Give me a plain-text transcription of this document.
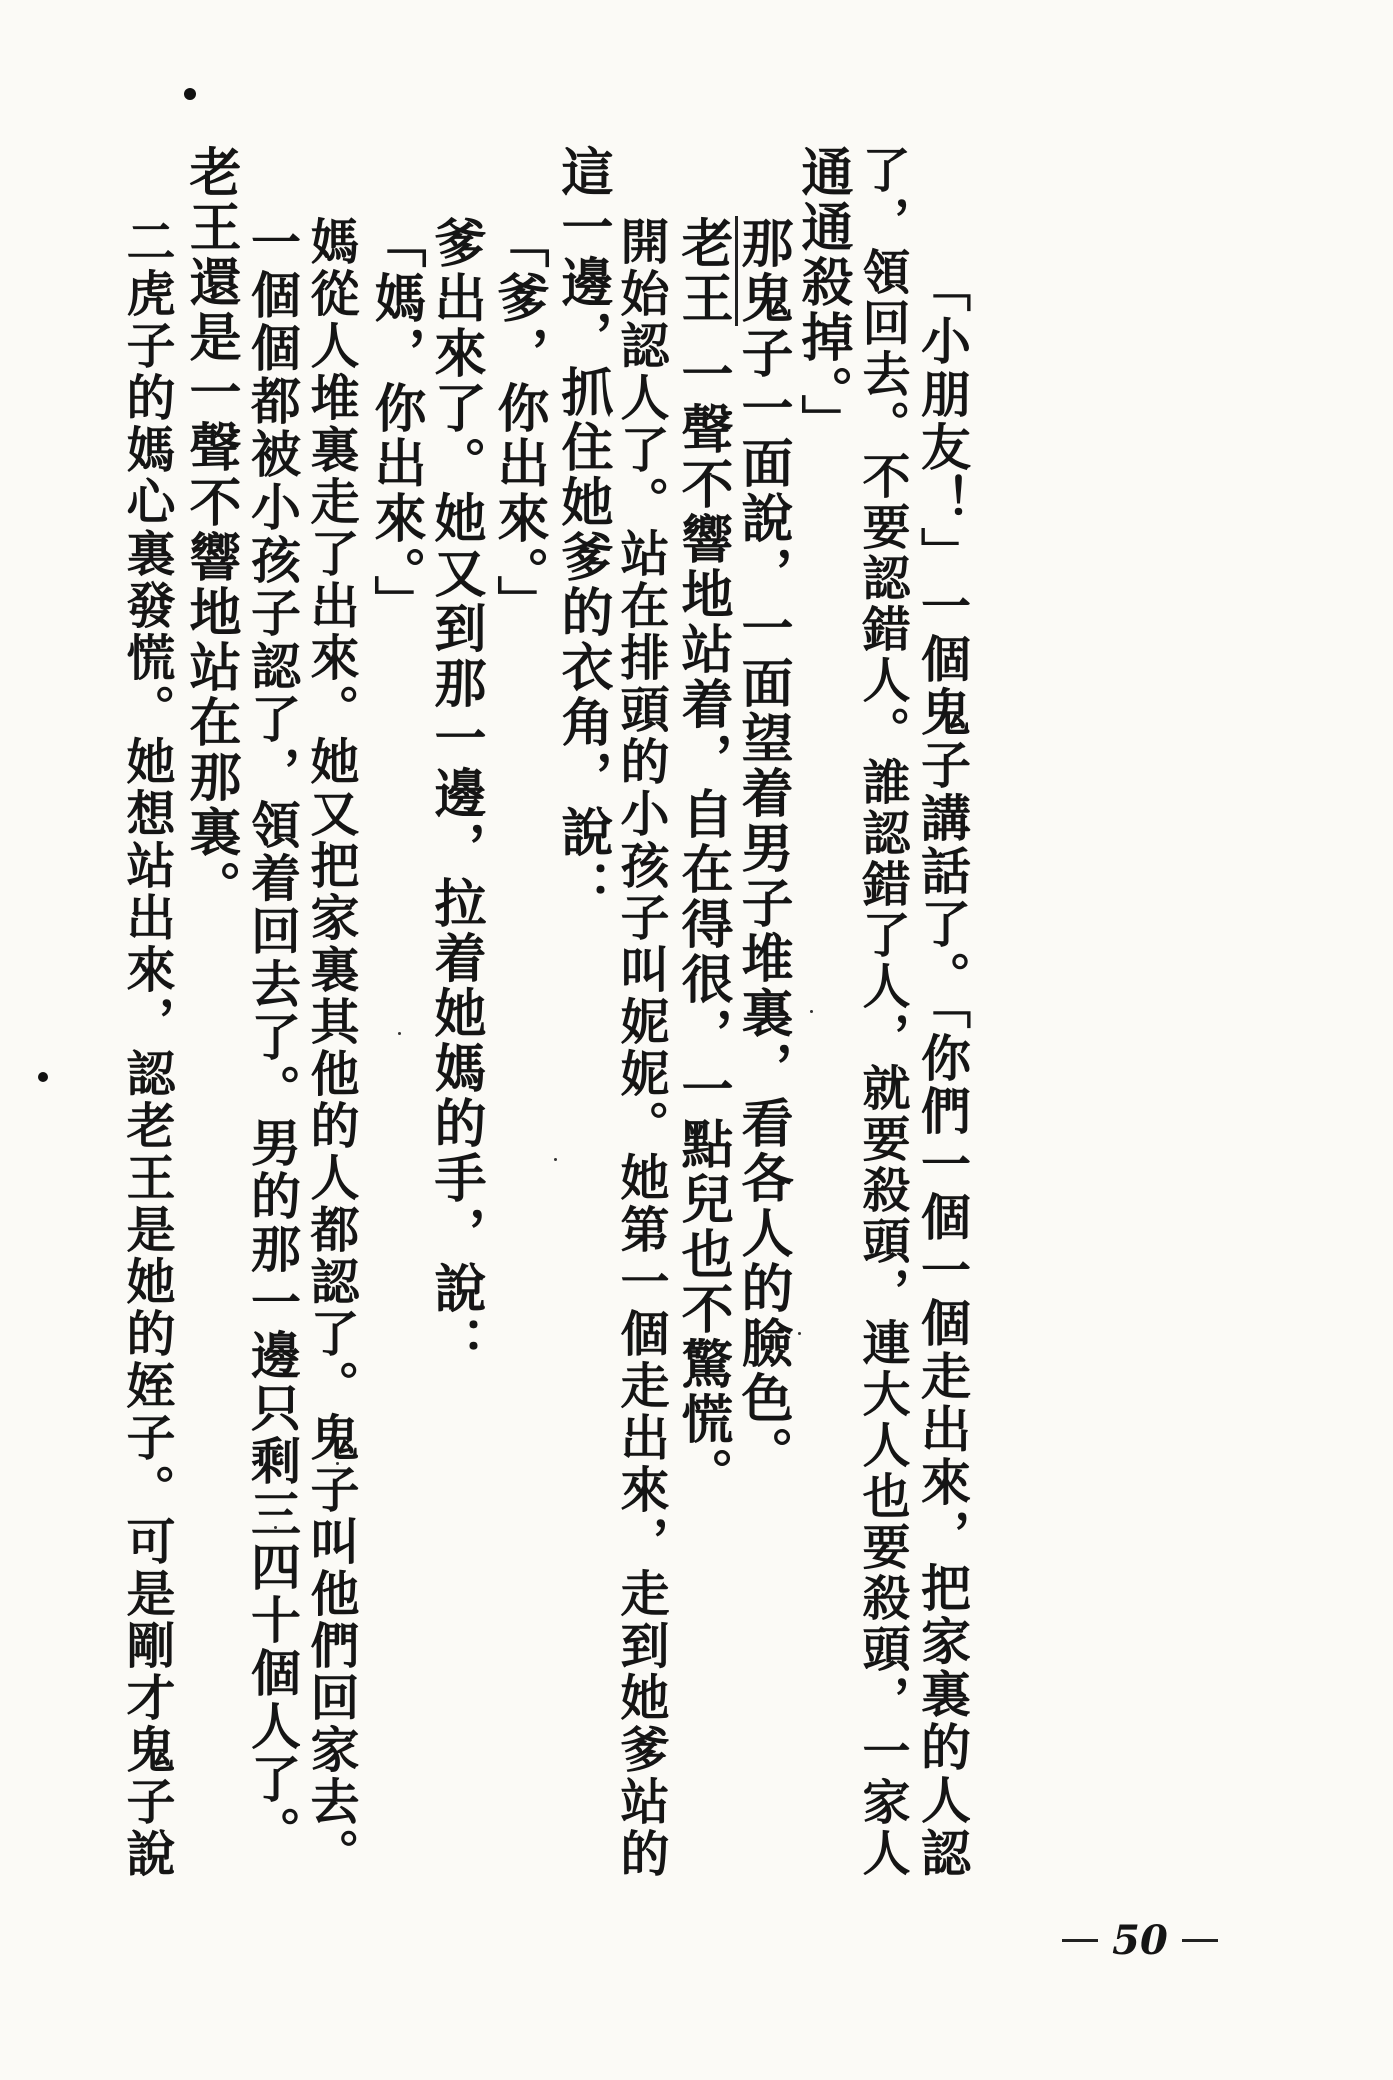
「小朋友！」一個鬼子講話了。「你們一個一個走出來，把家裏的人認
了，領回去。不要認錯人。誰認錯了人，就要殺頭，連大人也要殺頭，一家人
通通殺掉。」
那鬼子一面說，一面望着男子堆裏，看各人的臉色。
老王 一聲不響地站着，自在得很，一點兒也不驚慌。
開始認人了。站在排頭的小孩子叫妮妮。她第一個走出來，走到她爹站的
這一邊，抓住她爹的衣角，說：
「爹，你出來。」
爹出來了。她又到那一邊，拉着她媽的手，說：
「媽，你出來。」
媽從人堆裏走了出來。她又把家裏其他的人都認了。鬼子叫他們回家去。
一個個都被小孩子認了，領着回去了。男的那一邊只剩三四十個人了。
老王還是一聲不響地站在那裏。
二虎子的媽心裏發慌。她想站出來，認老王是她的姪子。可是剛才鬼子說
50
